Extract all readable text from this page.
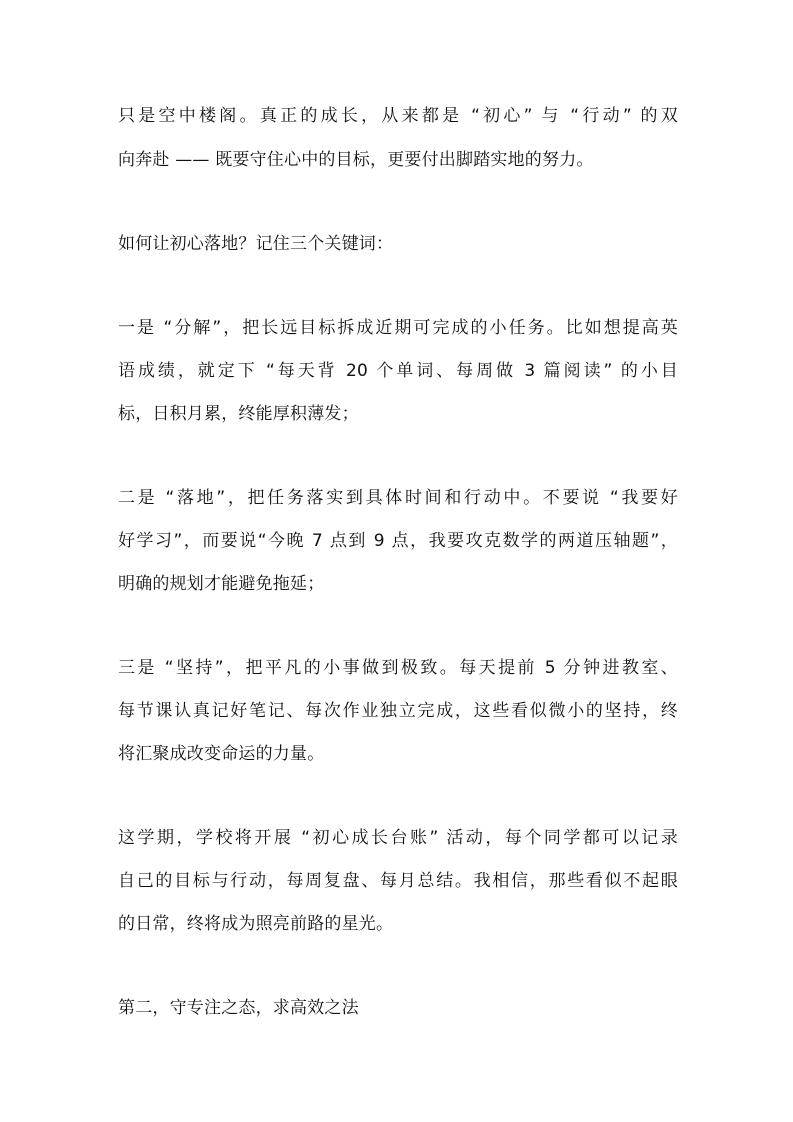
只是空中楼阁。真正的成长，从来都是 “初心” 与 “行动” 的双
向奔赴 —— 既要守住心中的目标，更要付出脚踏实地的努力。
如何让初心落地？记住三个关键词：
一是 “分解”，把长远目标拆成近期可完成的小任务。比如想提高英
语成绩，就定下 “每天背 20 个单词、每周做 3 篇阅读” 的小目
标，日积月累，终能厚积薄发；
二是 “落地”，把任务落实到具体时间和行动中。不要说 “我要好
好学习”，而要说“今晚 7 点到 9 点，我要攻克数学的两道压轴题”，
明确的规划才能避免拖延；
三是 “坚持”，把平凡的小事做到极致。每天提前 5 分钟进教室、
每节课认真记好笔记、每次作业独立完成，这些看似微小的坚持，终
将汇聚成改变命运的力量。
这学期，学校将开展 “初心成长台账” 活动，每个同学都可以记录
自己的目标与行动，每周复盘、每月总结。我相信，那些看似不起眼
的日常，终将成为照亮前路的星光。
第二，守专注之态，求高效之法
